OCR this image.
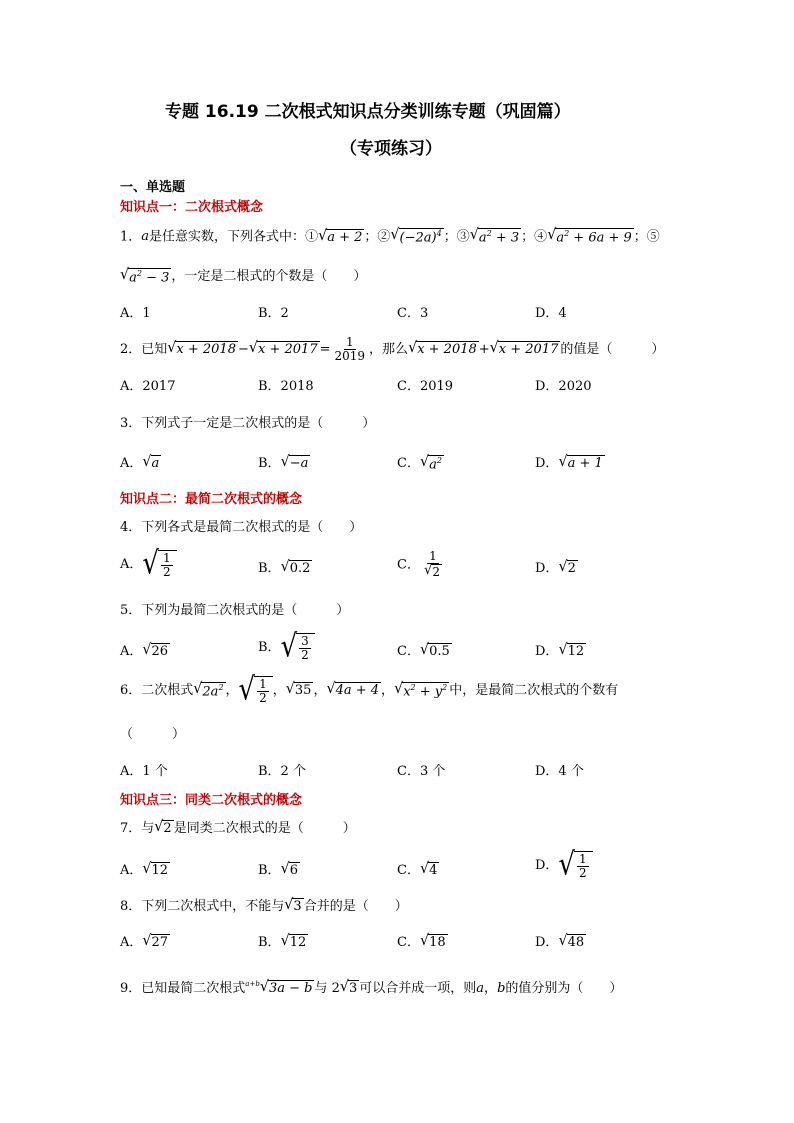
专题 16.19 二次根式知识点分类训练专题（巩固篇）
（专项练习）
一、单选题
知识点一：二次根式概念
1．a是任意实数，下列各式中：① √ a + 2 ；② √ $(-2a)^4$ ；③ √ $a^2 + 3$ ；④ √ $a^2 + 6a + 9$ ；⑤
√ $a^2 - 3$ ，一定是二根式的个数是（　　）
A．1	B．2	C．3	D．4
2．已知 √ x + 2018 − √ $x + 2017 = \frac{1}{2019}$ ，那么 √ x + 2018 + √ x + 2017 的值是（　　　）
A．2017	B．2018	C．2019	D．2020
3．下列式子一定是二次根式的是（　　　）
A． √ a	B． √ −a	C． √ $a^2$	D． √ a + 1
知识点二：最简二次根式的概念
4．下列各式是最简二次根式的是（　　）
A． √ $\frac{1}{2}$	B． √ 0.2	C． $\frac{1}{√ 2}$	D． √ 2
5．下列为最简二次根式的是（　　　）
A． √ 26	B． √ $\frac{3}{2}$	C． √ 0.5	D． √ 12
6．二次根式 √ $2a^2$ ， √ $\frac{1}{2}$ ， √ 35 ， √ 4a + 4 ， √ $x^2 + y^2$ 中，是最简二次根式的个数有
（　　　）
A．1 个	B．2 个	C．3 个	D．4 个
知识点三：同类二次根式的概念
7．与 √ 2 是同类二次根式的是（　　　）
A． √ 12	B． √ 6	C． √ 4	D． √ $\frac{1}{2}$
8．下列二次根式中，不能与 √ 3 合并的是（　　）
A． √ 27	B． √ 12	C． √ 18	D． √ 48
9．已知最简二次根式$^{a+b}$ √ 3a − b 与 2 √ 3 可以合并成一项，则a，b的值分别为（　　）
